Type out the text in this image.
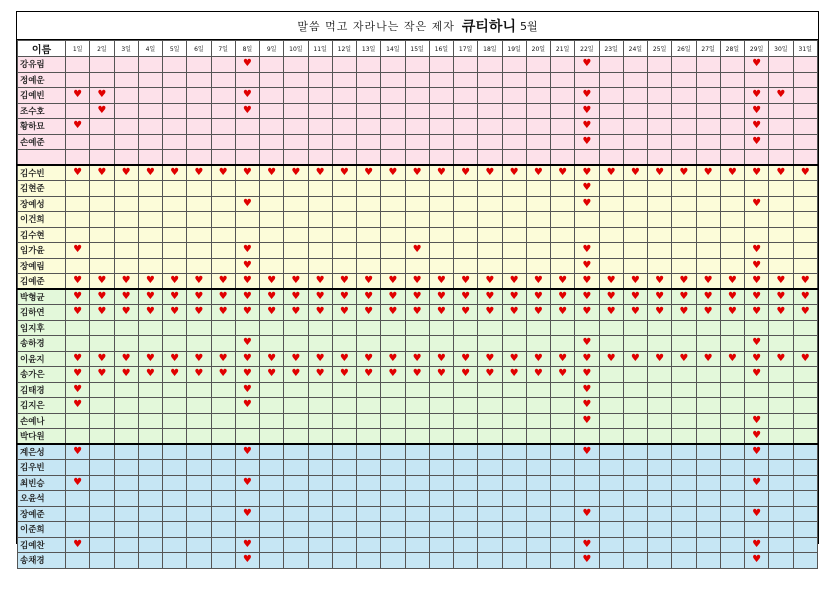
말씀 먹고 자라나는 작은 제자 큐티하니 5월
이름	1일	2일	3일	4일	5일	6일	7일	8일	9일	10일	11일	12일	13일	14일	15일	16일	17일	18일	19일	20일	21일	22일	23일	24일	25일	26일	27일	28일	29일	30일	31일
강유림								♥														♥							♥		
정예운																															
김예빈	♥	♥						♥														♥							♥	♥	
조수호		♥						♥														♥							♥		
황하묘	♥																					♥							♥		
손예준																						♥							♥		

김수빈	♥	♥	♥	♥	♥	♥	♥	♥	♥	♥	♥	♥	♥	♥	♥	♥	♥	♥	♥	♥	♥	♥	♥	♥	♥	♥	♥	♥	♥	♥	♥
김현준																						♥									
장예성								♥														♥							♥		
이건희																															
김수현																															
임가윤	♥							♥							♥							♥							♥		
장예림								♥														♥							♥		
김예준	♥	♥	♥	♥	♥	♥	♥	♥	♥	♥	♥	♥	♥	♥	♥	♥	♥	♥	♥	♥	♥	♥	♥	♥	♥	♥	♥	♥	♥	♥	♥
박형균	♥	♥	♥	♥	♥	♥	♥	♥	♥	♥	♥	♥	♥	♥	♥	♥	♥	♥	♥	♥	♥	♥	♥	♥	♥	♥	♥	♥	♥	♥	♥
김하연	♥	♥	♥	♥	♥	♥	♥	♥	♥	♥	♥	♥	♥	♥	♥	♥	♥	♥	♥	♥	♥	♥	♥	♥	♥	♥	♥	♥	♥	♥	♥
임지후																															
송하경								♥														♥							♥		
이윤지	♥	♥	♥	♥	♥	♥	♥	♥	♥	♥	♥	♥	♥	♥	♥	♥	♥	♥	♥	♥	♥	♥	♥	♥	♥	♥	♥	♥	♥	♥	♥
송가은	♥	♥	♥	♥	♥	♥	♥	♥	♥	♥	♥	♥	♥	♥	♥	♥	♥	♥	♥	♥	♥	♥							♥		
김태경	♥							♥														♥									
김지은	♥							♥														♥									
손예나																						♥							♥		
박다원																													♥		
계은성	♥							♥														♥							♥		
김우빈																															
최빈승	♥							♥																					♥		
오윤석																															
장예준								♥														♥							♥		
이준희																															
김예찬	♥							♥														♥							♥		
송채경								♥														♥							♥		
